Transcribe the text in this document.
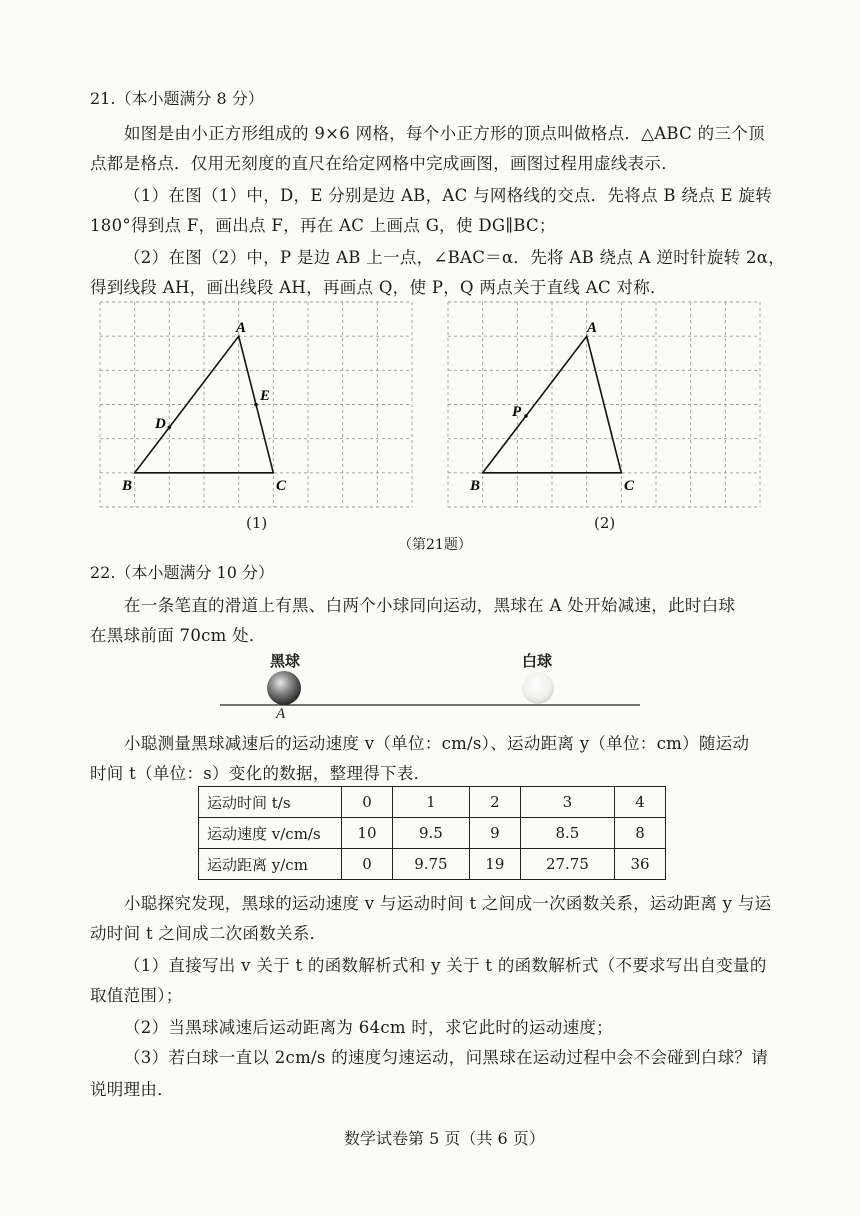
21.（本小题满分 8 分）
如图是由小正方形组成的 9×6 网格，每个小正方形的顶点叫做格点．△ABC 的三个顶
点都是格点．仅用无刻度的直尺在给定网格中完成画图，画图过程用虚线表示．
（1）在图（1）中，D，E 分别是边 AB，AC 与网格线的交点．先将点 B 绕点 E 旋转
180°得到点 F，画出点 F，再在 AC 上画点 G，使 DG∥BC；
（2）在图（2）中，P 是边 AB 上一点，∠BAC＝α．先将 AB 绕点 A 逆时针旋转 2α，
得到线段 AH，画出线段 AH，再画点 Q，使 P，Q 两点关于直线 AC 对称．
A
B	C
D
E
A
B	C
P
(1)	(2)
（第21题）
22.（本小题满分 10 分）
在一条笔直的滑道上有黑、白两个小球同向运动，黑球在 A 处开始减速，此时白球
在黑球前面 70cm 处．
黑球	白球
A
小聪测量黑球减速后的运动速度 v（单位：cm/s）、运动距离 y（单位：cm）随运动
时间 t（单位：s）变化的数据，整理得下表．
运动时间 t/s	0	1	2	3	4
运动速度 v/cm/s	10	9.5	9	8.5	8
运动距离 y/cm	0	9.75	19	27.75	36
小聪探究发现，黑球的运动速度 v 与运动时间 t 之间成一次函数关系，运动距离 y 与运
动时间 t 之间成二次函数关系．
（1）直接写出 v 关于 t 的函数解析式和 y 关于 t 的函数解析式（不要求写出自变量的
取值范围）；
（2）当黑球减速后运动距离为 64cm 时，求它此时的运动速度；
（3）若白球一直以 2cm/s 的速度匀速运动，问黑球在运动过程中会不会碰到白球？请
说明理由．
数学试卷第 5 页（共 6 页）
